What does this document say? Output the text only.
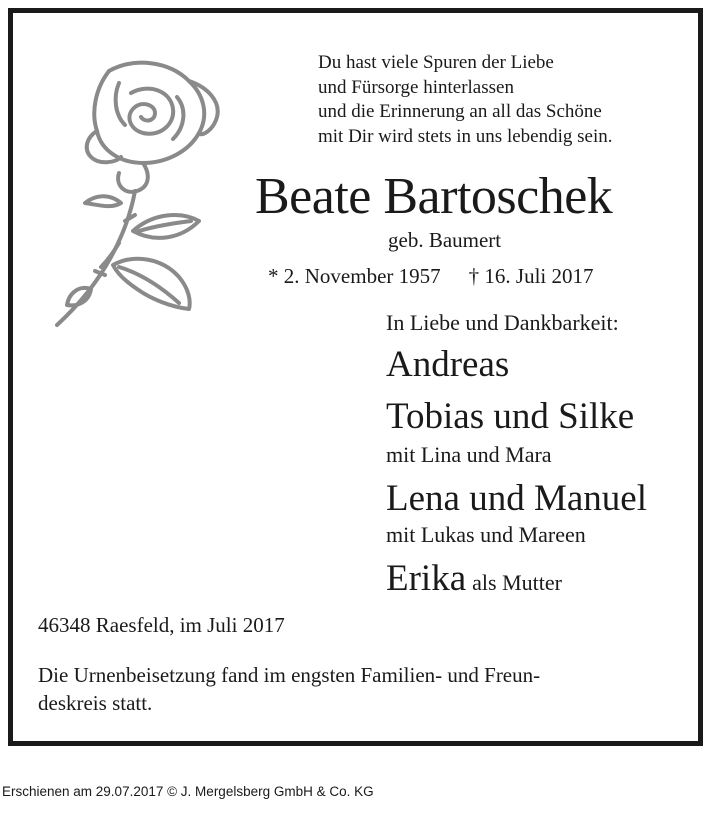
Du hast viele Spuren der Liebe
und Fürsorge hinterlassen
und die Erinnerung an all das Schöne
mit Dir wird stets in uns lebendig sein.
Beate Bartoschek
geb. Baumert
* 2. November 1957 † 16. Juli 2017
In Liebe und Dankbarkeit:
Andreas
Tobias und Silke
mit Lina und Mara
Lena und Manuel
mit Lukas und Mareen
Erika als Mutter
46348 Raesfeld, im Juli 2017
Die Urnenbeisetzung fand im engsten Familien- und Freun-
deskreis statt.
Erschienen am 29.07.2017 © J. Mergelsberg GmbH & Co. KG
